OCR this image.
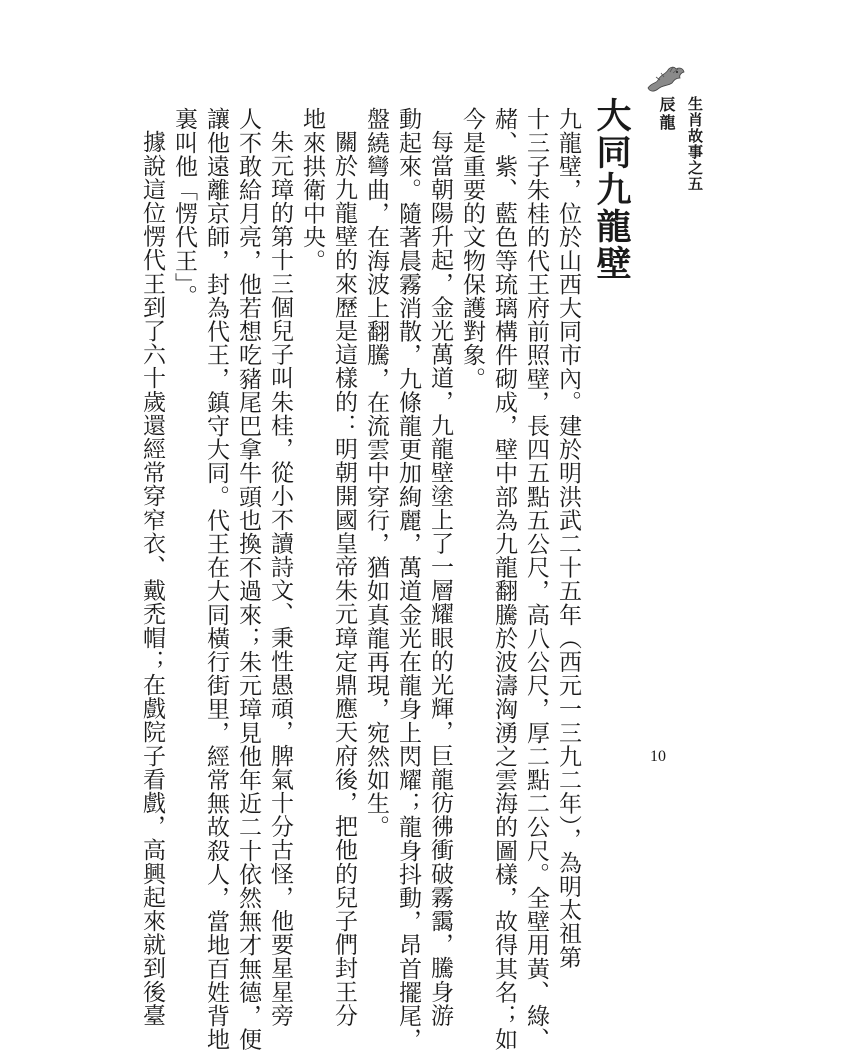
辰龍 生肖故事之五
大同九龍壁
九龍壁，位於山西大同市內。建於明洪武二十五年（西元一三九二年），為明太祖第
十三子朱桂的代王府前照壁，長四五點五公尺，高八公尺，厚二點二公尺。全壁用黃、綠、
赭、紫、藍色等琉璃構件砌成，壁中部為九龍翻騰於波濤洶湧之雲海的圖樣，故得其名；如
今是重要的文物保護對象。
每當朝陽升起，金光萬道，九龍壁塗上了一層耀眼的光輝，巨龍彷彿衝破霧靄，騰身游
動起來。隨著晨霧消散，九條龍更加絢麗，萬道金光在龍身上閃耀；龍身抖動，昂首擺尾，
盤繞彎曲，在海波上翻騰，在流雲中穿行，猶如真龍再現，宛然如生。
關於九龍壁的來歷是這樣的：明朝開國皇帝朱元璋定鼎應天府後，把他的兒子們封王分
地來拱衛中央。
朱元璋的第十三個兒子叫朱桂，從小不讀詩文、秉性愚頑，脾氣十分古怪，他要星星旁
人不敢給月亮，他若想吃豬尾巴拿牛頭也換不過來；朱元璋見他年近二十依然無才無德，便
讓他遠離京師，封為代王，鎮守大同。代王在大同橫行街里，經常無故殺人，當地百姓背地
裏叫他「愣代王」。
據說這位愣代王到了六十歲還經常穿窄衣、戴禿帽；在戲院子看戲，高興起來就到後臺	10
